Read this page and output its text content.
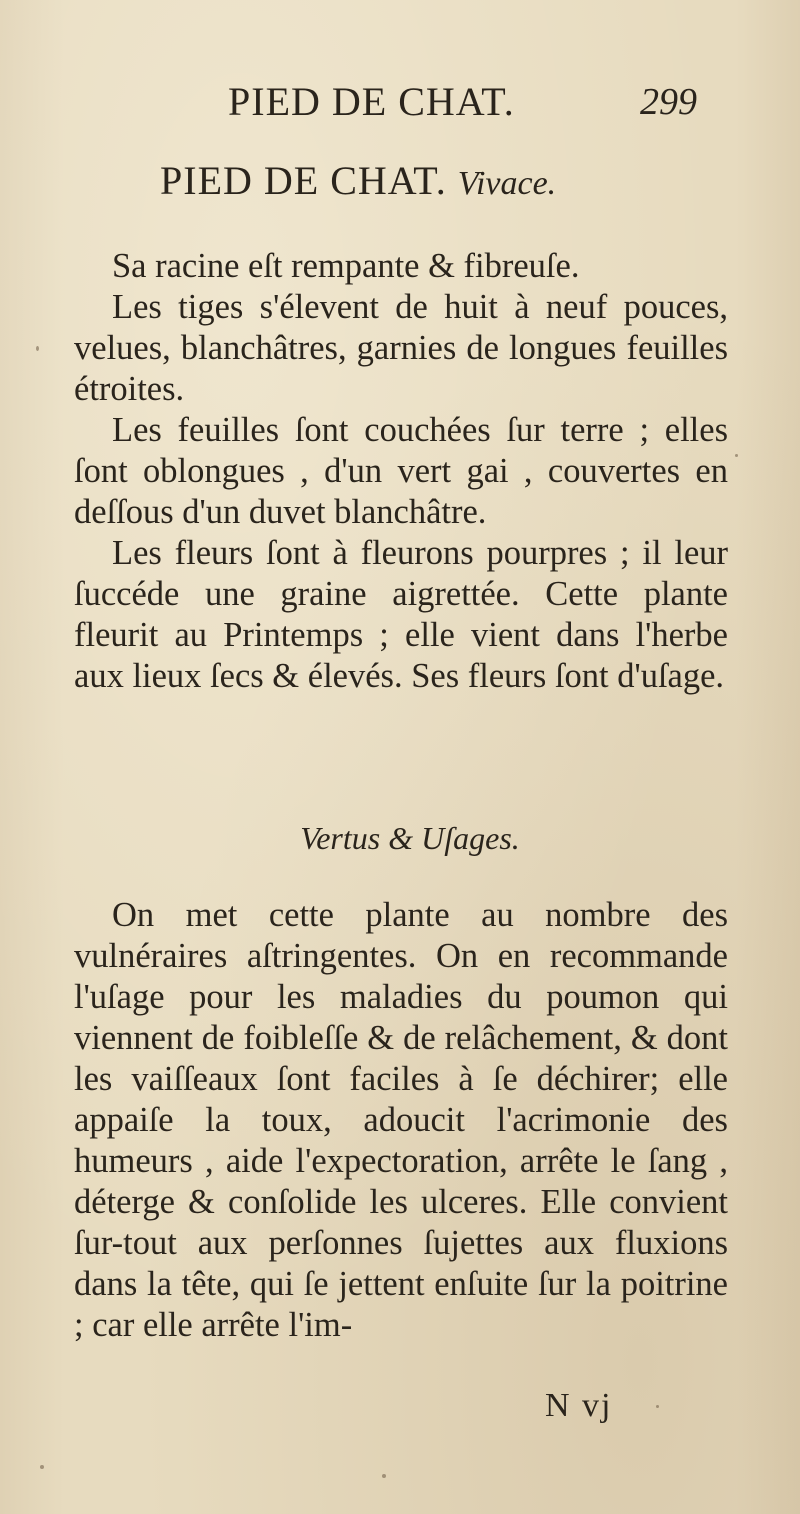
PIED DE CHAT.	299
PIED DE CHAT. Vivace.

Sa racine eſt rempante & fibreuſe.

Les tiges s'élevent de huit à neuf pouces, velues, blanchâtres, garnies de longues feuilles étroites.

Les feuilles ſont couchées ſur terre ; elles ſont oblongues , d'un vert gai , couvertes en deſſous d'un duvet blanchâtre.

Les fleurs ſont à fleurons pourpres ; il leur ſuccéde une graine aigrettée. Cette plante fleurit au Printemps ; elle vient dans l'herbe aux lieux ſecs & élevés. Ses fleurs ſont d'uſage.

Vertus & Uſages.

On met cette plante au nombre des vulnéraires aſtringentes. On en recommande l'uſage pour les maladies du poumon qui viennent de foibleſſe & de relâchement, & dont les vaiſſeaux ſont faciles à ſe déchirer; elle appaiſe la toux, adoucit l'acrimonie des humeurs , aide l'expectoration, arrête le ſang , déterge & conſolide les ulceres. Elle convient ſur-tout aux perſonnes ſujettes aux fluxions dans la tête, qui ſe jettent enſuite ſur la poitrine ; car elle arrête l'im-

N vj
